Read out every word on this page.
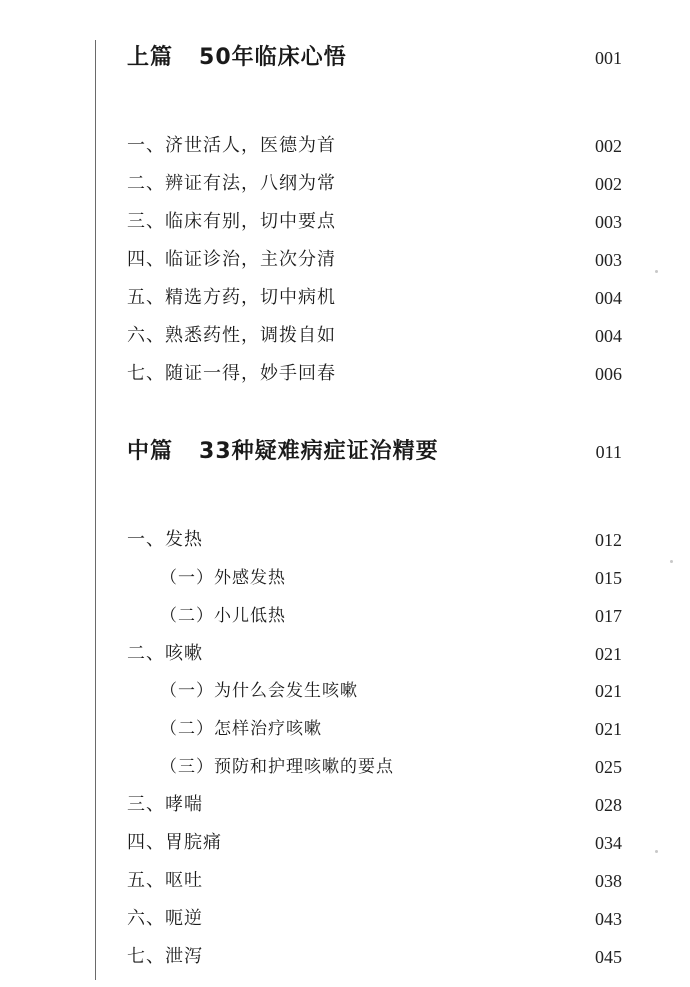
上篇 50年临床心悟	001
一、济世活人，医德为首	002
二、辨证有法，八纲为常	002
三、临床有别，切中要点	003
四、临证诊治，主次分清	003
五、精选方药，切中病机	004
六、熟悉药性，调拨自如	004
七、随证一得，妙手回春	006
中篇 33种疑难病症证治精要	011
一、发热	012
（一）外感发热	015
（二）小儿低热	017
二、咳嗽	021
（一）为什么会发生咳嗽	021
（二）怎样治疗咳嗽	021
（三）预防和护理咳嗽的要点	025
三、哮喘	028
四、胃脘痛	034
五、呕吐	038
六、呃逆	043
七、泄泻	045
